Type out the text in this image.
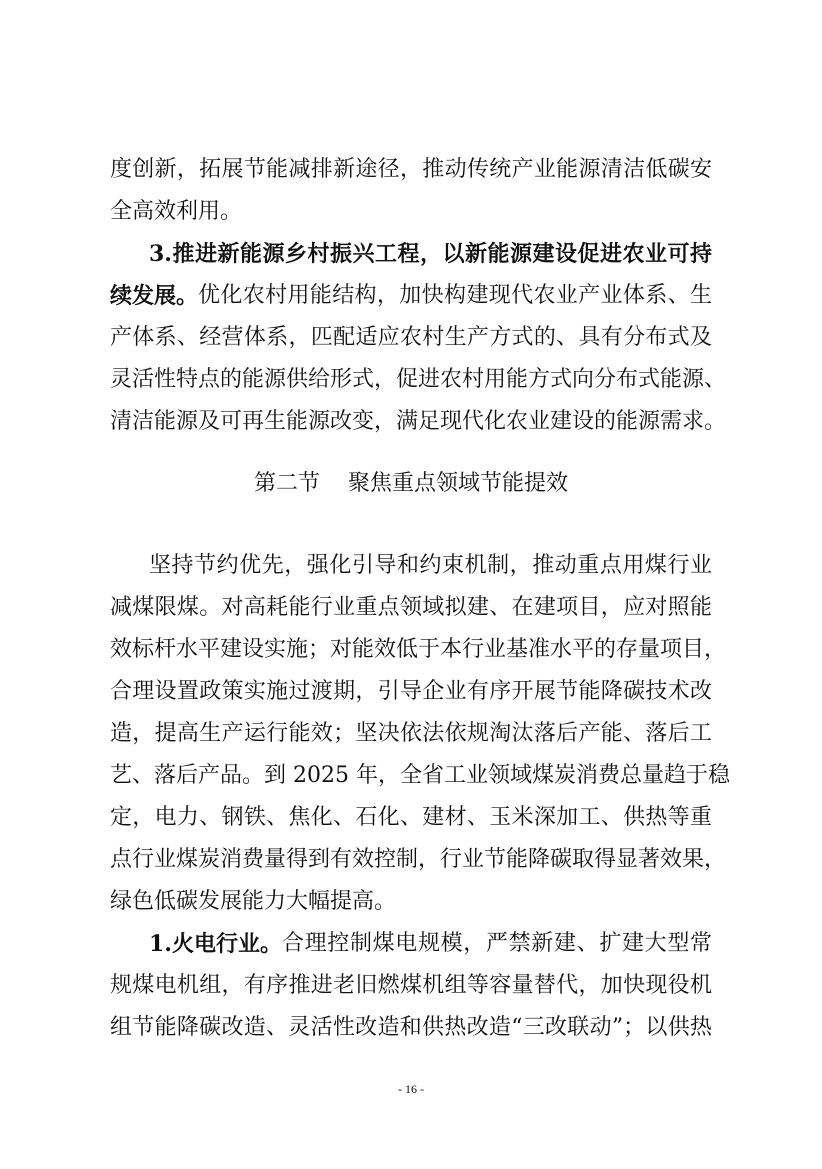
度创新，拓展节能减排新途径，推动传统产业能源清洁低碳安
全高效利用。
3.推进新能源乡村振兴工程，以新能源建设促进农业可持
续发展。 优化农村用能结构，加快构建现代农业产业体系、生
产体系、经营体系，匹配适应农村生产方式的、具有分布式及
灵活性特点的能源供给形式，促进农村用能方式向分布式能源、
清洁能源及可再生能源改变，满足现代化农业建设的能源需求。
第二节    聚焦重点领域节能提效
坚持节约优先，强化引导和约束机制，推动重点用煤行业
减煤限煤。对高耗能行业重点领域拟建、在建项目，应对照能
效标杆水平建设实施；对能效低于本行业基准水平的存量项目，
合理设置政策实施过渡期，引导企业有序开展节能降碳技术改
造，提高生产运行能效；坚决依法依规淘汰落后产能、落后工
艺、落后产品。到 2025 年，全省工业领域煤炭消费总量趋于稳
定，电力、钢铁、焦化、石化、建材、玉米深加工、供热等重
点行业煤炭消费量得到有效控制，行业节能降碳取得显著效果，
绿色低碳发展能力大幅提高。
1.火电行业。 合理控制煤电规模，严禁新建、扩建大型常
规煤电机组，有序推进老旧燃煤机组等容量替代，加快现役机
组节能降碳改造、灵活性改造和供热改造“三改联动”；以供热
- 16 -
